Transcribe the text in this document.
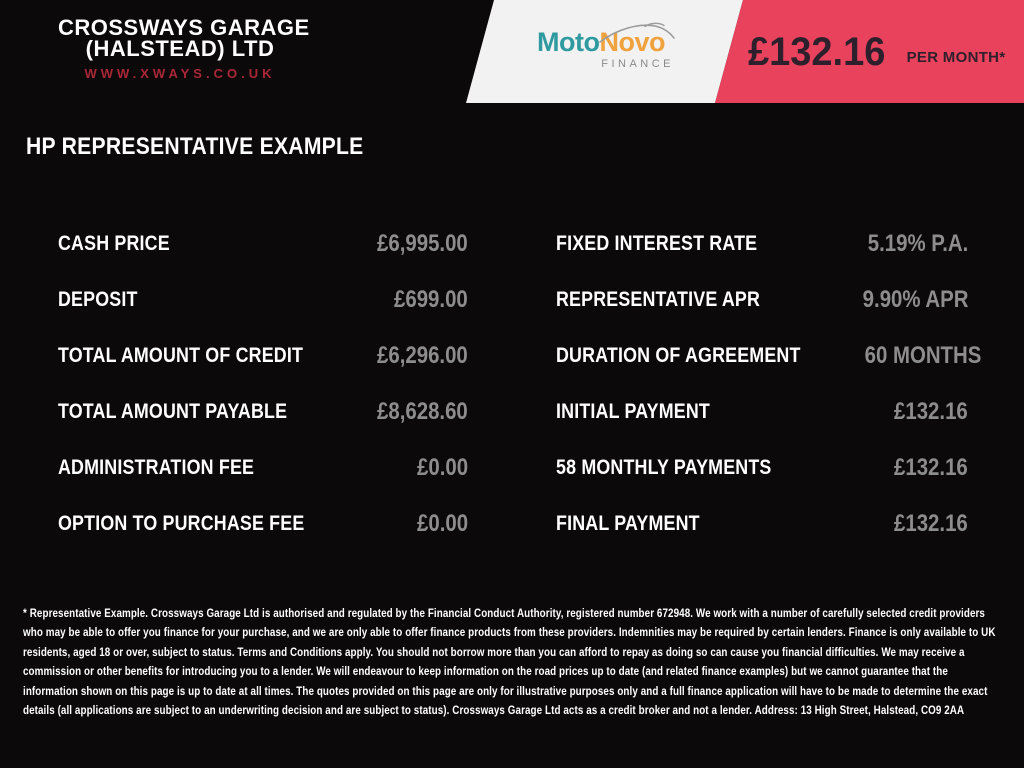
CROSSWAYS GARAGE
(HALSTEAD) LTD
WWW.XWAYS.CO.UK
MotoNovo
FINANCE £132.16 PER MONTH*
HP REPRESENTATIVE EXAMPLE
CASH PRICE	£6,995.00
DEPOSIT	£699.00
TOTAL AMOUNT OF CREDIT	£6,296.00
TOTAL AMOUNT PAYABLE	£8,628.60
ADMINISTRATION FEE	£0.00
OPTION TO PURCHASE FEE	£0.00
FIXED INTEREST RATE	5.19% P.A.
REPRESENTATIVE APR	9.90% APR
DURATION OF AGREEMENT	60 MONTHS
INITIAL PAYMENT	£132.16
58 MONTHLY PAYMENTS	£132.16
FINAL PAYMENT	£132.16

* Representative Example. Crossways Garage Ltd is authorised and regulated by the Financial Conduct Authority, registered number 672948. We work with a number of carefully selected credit providers who may be able to offer you finance for your purchase, and we are only able to offer finance products from these providers. Indemnities may be required by certain lenders. Finance is only available to UK residents, aged 18 or over, subject to status. Terms and Conditions apply. You should not borrow more than you can afford to repay as doing so can cause you financial difficulties. We may receive a commission or other benefits for introducing you to a lender. We will endeavour to keep information on the road prices up to date (and related finance examples) but we cannot guarantee that the information shown on this page is up to date at all times. The quotes provided on this page are only for illustrative purposes only and a full finance application will have to be made to determine the exact details (all applications are subject to an underwriting decision and are subject to status). Crossways Garage Ltd acts as a credit broker and not a lender. Address: 13 High Street, Halstead, CO9 2AA
